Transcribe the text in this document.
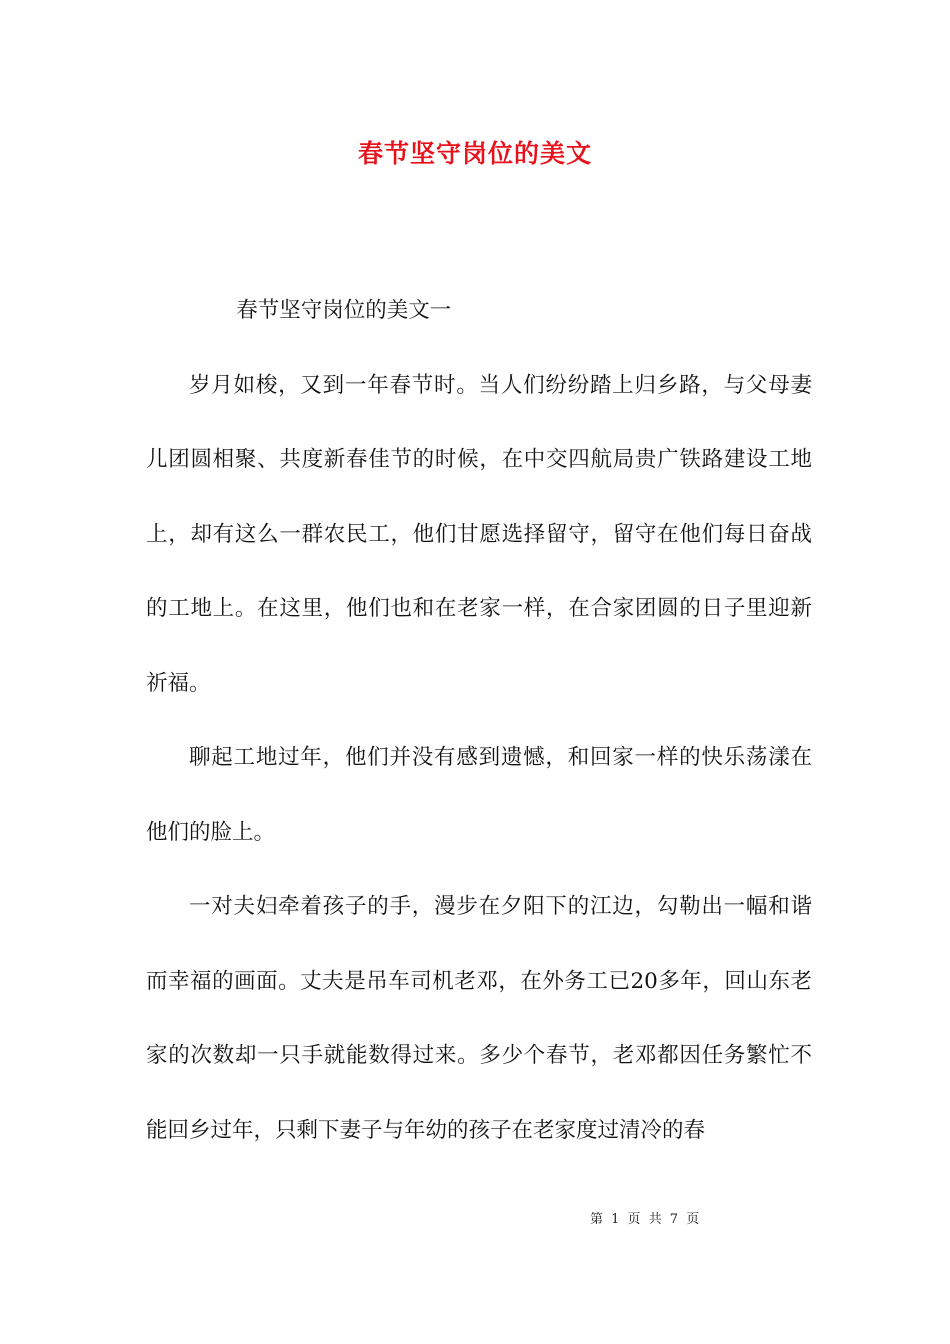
春节坚守岗位的美文

春节坚守岗位的美文一

岁月如梭，又到一年春节时。当人们纷纷踏上归乡路，与父母妻儿团圆相聚、共度新春佳节的时候，在中交四航局贵广铁路建设工地上，却有这么一群农民工，他们甘愿选择留守，留守在他们每日奋战的工地上。在这里，他们也和在老家一样，在合家团圆的日子里迎新祈福。

聊起工地过年，他们并没有感到遗憾，和回家一样的快乐荡漾在他们的脸上。

一对夫妇牵着孩子的手，漫步在夕阳下的江边，勾勒出一幅和谐而幸福的画面。丈夫是吊车司机老邓，在外务工已20多年，回山东老家的次数却一只手就能数得过来。多少个春节，老邓都因任务繁忙不能回乡过年，只剩下妻子与年幼的孩子在老家度过清冷的春

第 1 页 共 7 页
